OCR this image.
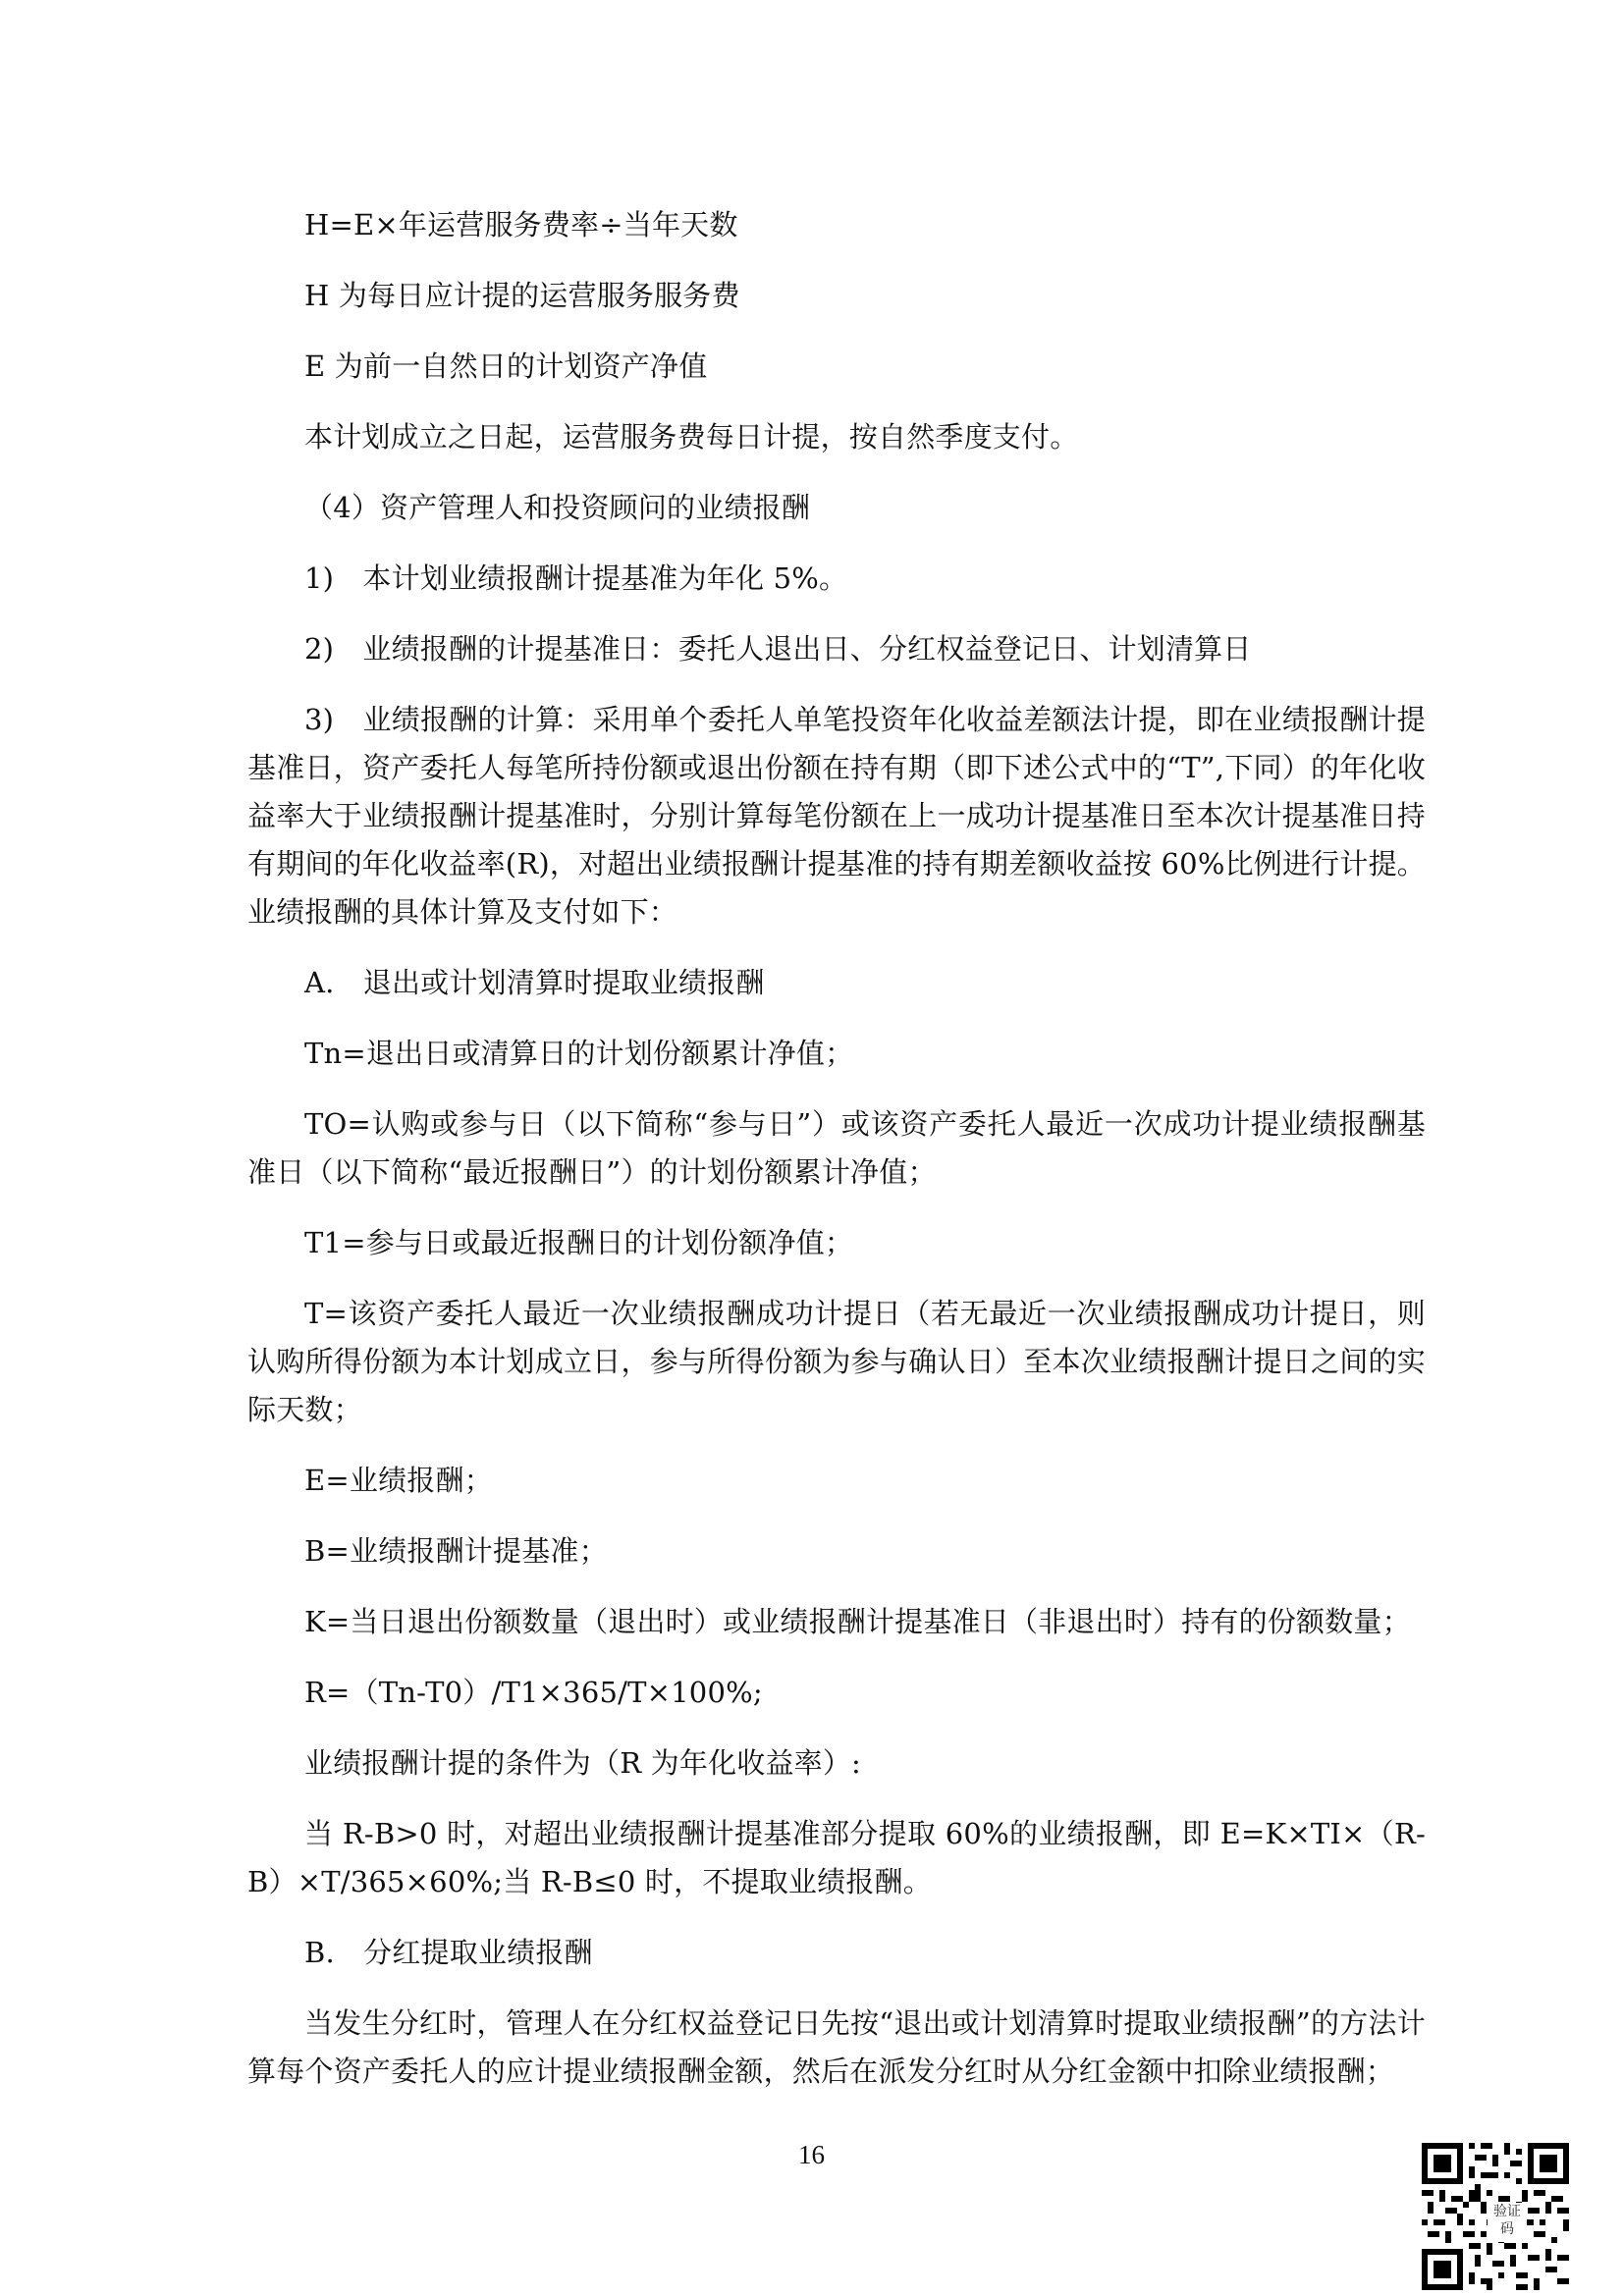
H=E×年运营服务费率÷当年天数

H 为每日应计提的运营服务服务费

E 为前一自然日的计划资产净值

本计划成立之日起，运营服务费每日计提，按自然季度支付。

（4）资产管理人和投资顾问的业绩报酬

1)　本计划业绩报酬计提基准为年化 5%。

2)　业绩报酬的计提基准日：委托人退出日、分红权益登记日、计划清算日

3)　业绩报酬的计算：采用单个委托人单笔投资年化收益差额法计提，即在业绩报酬计提基准日，资产委托人每笔所持份额或退出份额在持有期（即下述公式中的“T”,下同）的年化收益率大于业绩报酬计提基准时，分别计算每笔份额在上一成功计提基准日至本次计提基准日持有期间的年化收益率(R)，对超出业绩报酬计提基准的持有期差额收益按 60%比例进行计提。业绩报酬的具体计算及支付如下：

A.　退出或计划清算时提取业绩报酬

Tn=退出日或清算日的计划份额累计净值；

TO=认购或参与日（以下简称“参与日”）或该资产委托人最近一次成功计提业绩报酬基准日（以下简称“最近报酬日”）的计划份额累计净值；

T1=参与日或最近报酬日的计划份额净值；

T=该资产委托人最近一次业绩报酬成功计提日（若无最近一次业绩报酬成功计提日，则认购所得份额为本计划成立日，参与所得份额为参与确认日）至本次业绩报酬计提日之间的实际天数；

E=业绩报酬；

B=业绩报酬计提基准；

K=当日退出份额数量（退出时）或业绩报酬计提基准日（非退出时）持有的份额数量；

R=（Tn-T0）/T1×365/T×100%;

业绩报酬计提的条件为（R 为年化收益率）:

当 R-B>0 时，对超出业绩报酬计提基准部分提取 60%的业绩报酬，即 E=K×TI×（R-B）×T/365×60%;当 R-B≤0 时，不提取业绩报酬。

B.　分红提取业绩报酬

当发生分红时，管理人在分红权益登记日先按“退出或计划清算时提取业绩报酬”的方法计算每个资产委托人的应计提业绩报酬金额，然后在派发分红时从分红金额中扣除业绩报酬；

16
验证码
